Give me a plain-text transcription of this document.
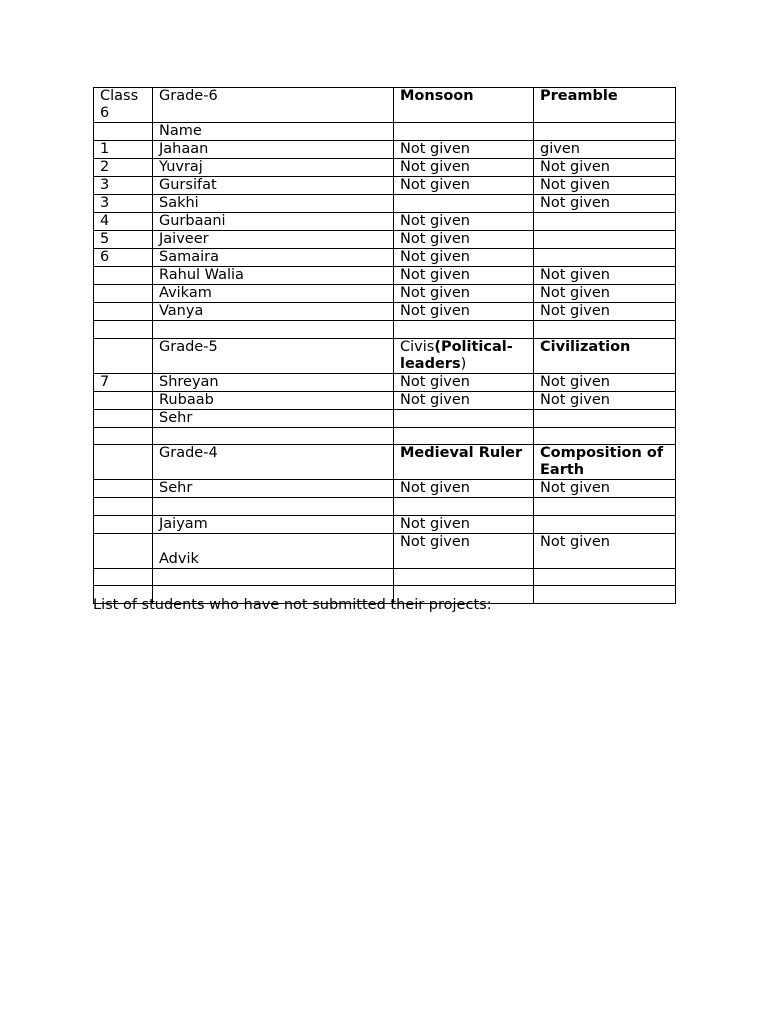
Class 6	Grade-6	Monsoon	Preamble
	Name		
1	Jahaan	Not given	given
2	Yuvraj	Not given	Not given
3	Gursifat	Not given	Not given
3	Sakhi		Not given
4	Gurbaani	Not given	
5	Jaiveer	Not given	
6	Samaira	Not given	
	Rahul Walia	Not given	Not given
	Avikam	Not given	Not given
	Vanya	Not given	Not given

	Grade-5	Civis(Political-leaders)	Civilization
7	Shreyan	Not given	Not given
	Rubaab	Not given	Not given
	Sehr		

	Grade-4	Medieval Ruler	Composition of Earth
	Sehr	Not given	Not given

	Jaiyam	Not given	
	Advik	Not given	Not given

List of students who have not submitted their projects:
